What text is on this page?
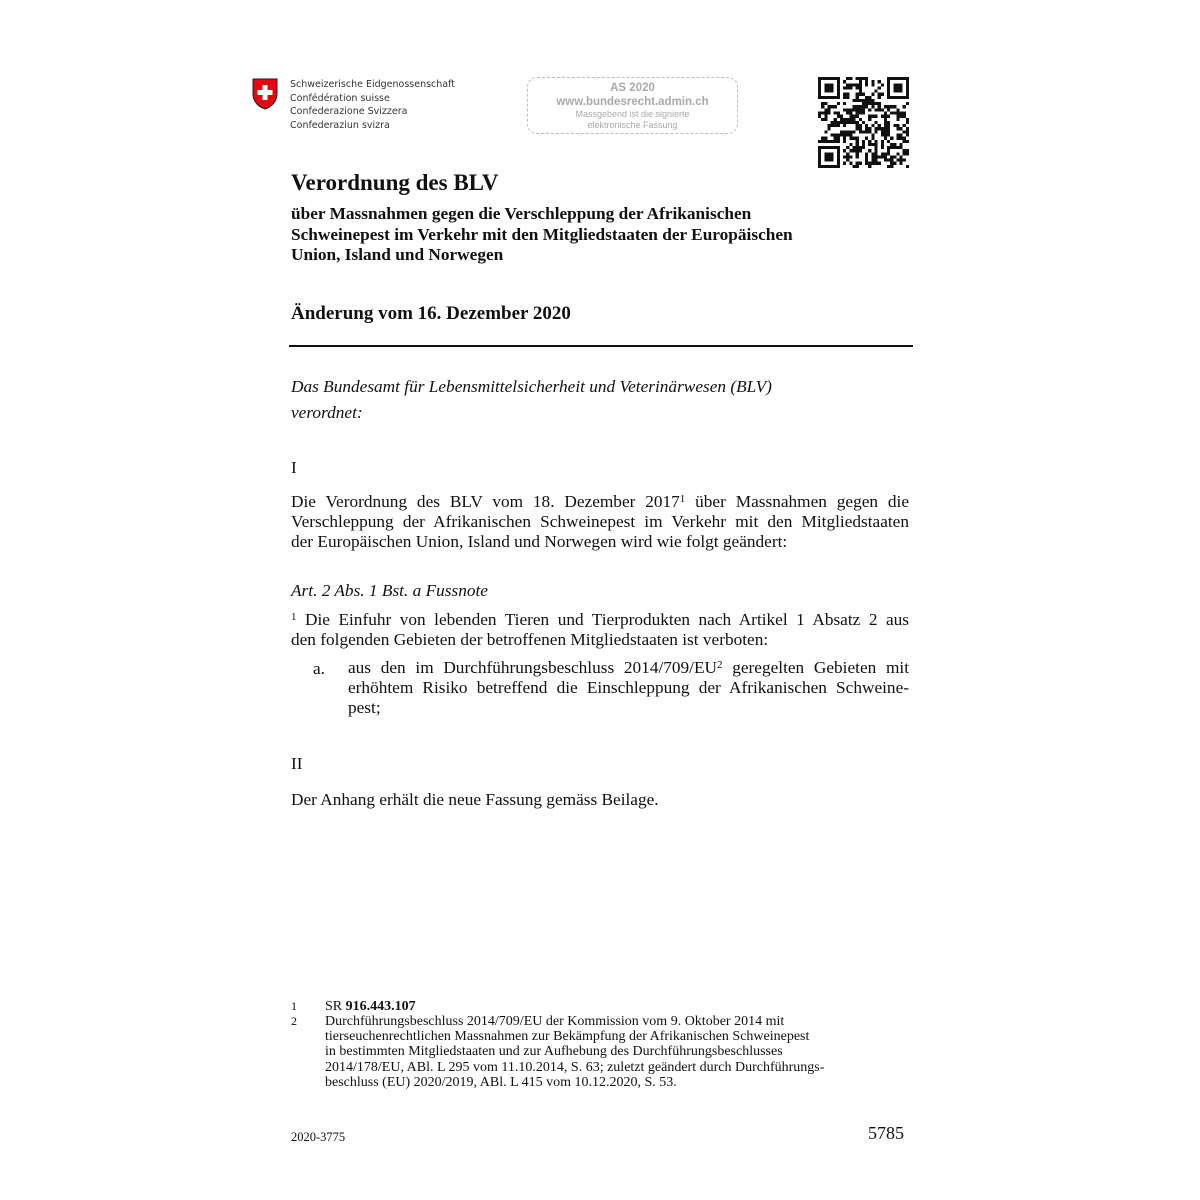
Schweizerische Eidgenossenschaft
Confédération suisse
Confederazione Svizzera
Confederaziun svizra
AS 2020
www.bundesrecht.admin.ch
Massgebend ist die signierte
elektronische Fassung
Verordnung des BLV
über Massnahmen gegen die Verschleppung der Afrikanischen
Schweinepest im Verkehr mit den Mitgliedstaaten der Europäischen
Union, Island und Norwegen
Änderung vom 16. Dezember 2020
Das Bundesamt für Lebensmittelsicherheit und Veterinärwesen (BLV)
verordnet:
I
Die Verordnung des BLV vom 18. Dezember 2017$^1$ über Massnahmen gegen die
Verschleppung der Afrikanischen Schweinepest im Verkehr mit den Mitgliedstaaten
der Europäischen Union, Island und Norwegen wird wie folgt geändert:
Art. 2 Abs. 1 Bst. a Fussnote
$^1$ Die Einfuhr von lebenden Tieren und Tierprodukten nach Artikel 1 Absatz 2 aus
den folgenden Gebieten der betroffenen Mitgliedstaaten ist verboten:
a. aus den im Durchführungsbeschluss $2014/709/EU^2$ geregelten Gebieten mit
erhöhtem Risiko betreffend die Einschleppung der Afrikanischen Schweine-
pest;
II
Der Anhang erhält die neue Fassung gemäss Beilage.
1 SR 916.443.107
2 Durchführungsbeschluss 2014/709/EU der Kommission vom 9. Oktober 2014 mit
tierseuchenrechtlichen Massnahmen zur Bekämpfung der Afrikanischen Schweinepest
in bestimmten Mitgliedstaaten und zur Aufhebung des Durchführungsbeschlusses
2014/178/EU, ABl. L 295 vom 11.10.2014, S. 63; zuletzt geändert durch Durchführungs-
beschluss (EU) 2020/2019, ABl. L 415 vom 10.12.2020, S. 53.
2020-3775	5785
